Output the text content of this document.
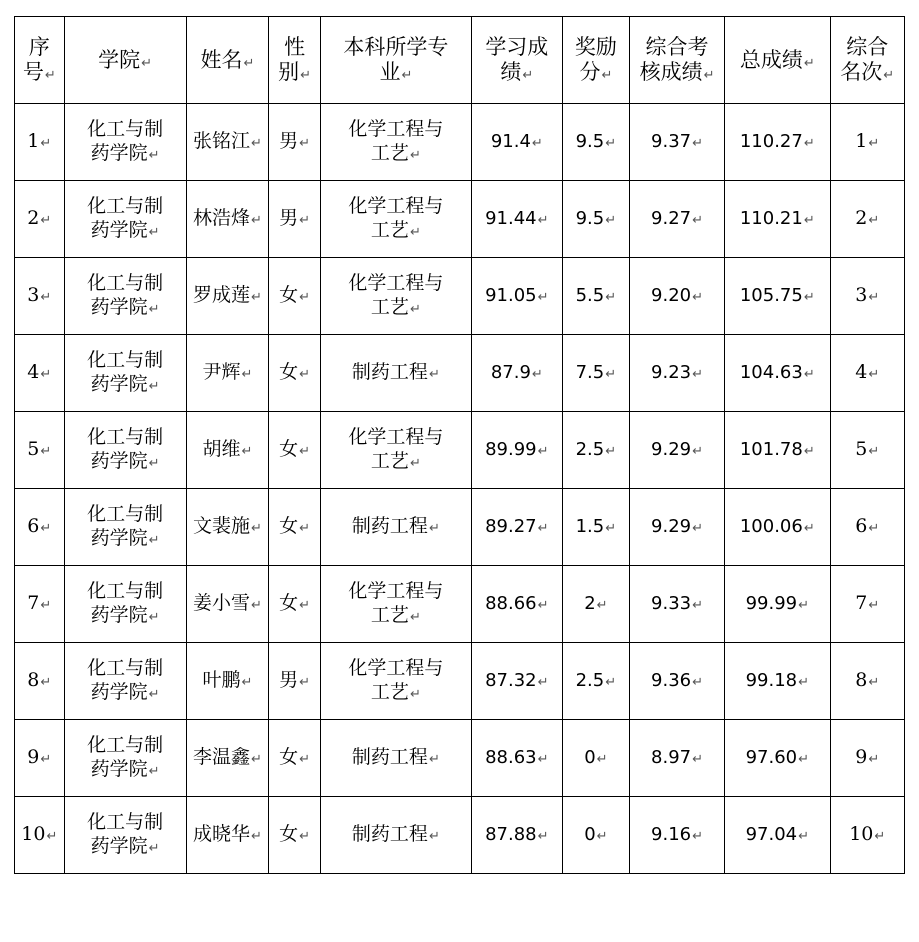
序
号↵	学院↵	姓名↵	性
别↵	本科所学专
业↵	学习成
绩↵	奖励
分↵	综合考
核成绩↵	总成绩↵	综合
名次↵
1↵	化工与制
药学院↵	张铭江↵	男↵	化学工程与
工艺↵	91.4↵	9.5↵	9.37↵	110.27↵	1↵
2↵	化工与制
药学院↵	林浩烽↵	男↵	化学工程与
工艺↵	91.44↵	9.5↵	9.27↵	110.21↵	2↵
3↵	化工与制
药学院↵	罗成莲↵	女↵	化学工程与
工艺↵	91.05↵	5.5↵	9.20↵	105.75↵	3↵
4↵	化工与制
药学院↵	尹辉↵	女↵	制药工程↵	87.9↵	7.5↵	9.23↵	104.63↵	4↵
5↵	化工与制
药学院↵	胡维↵	女↵	化学工程与
工艺↵	89.99↵	2.5↵	9.29↵	101.78↵	5↵
6↵	化工与制
药学院↵	文裴施↵	女↵	制药工程↵	89.27↵	1.5↵	9.29↵	100.06↵	6↵
7↵	化工与制
药学院↵	姜小雪↵	女↵	化学工程与
工艺↵	88.66↵	2↵	9.33↵	99.99↵	7↵
8↵	化工与制
药学院↵	叶鹏↵	男↵	化学工程与
工艺↵	87.32↵	2.5↵	9.36↵	99.18↵	8↵
9↵	化工与制
药学院↵	李温鑫↵	女↵	制药工程↵	88.63↵	0↵	8.97↵	97.60↵	9↵
10↵	化工与制
药学院↵	成晓华↵	女↵	制药工程↵	87.88↵	0↵	9.16↵	97.04↵	10↵
